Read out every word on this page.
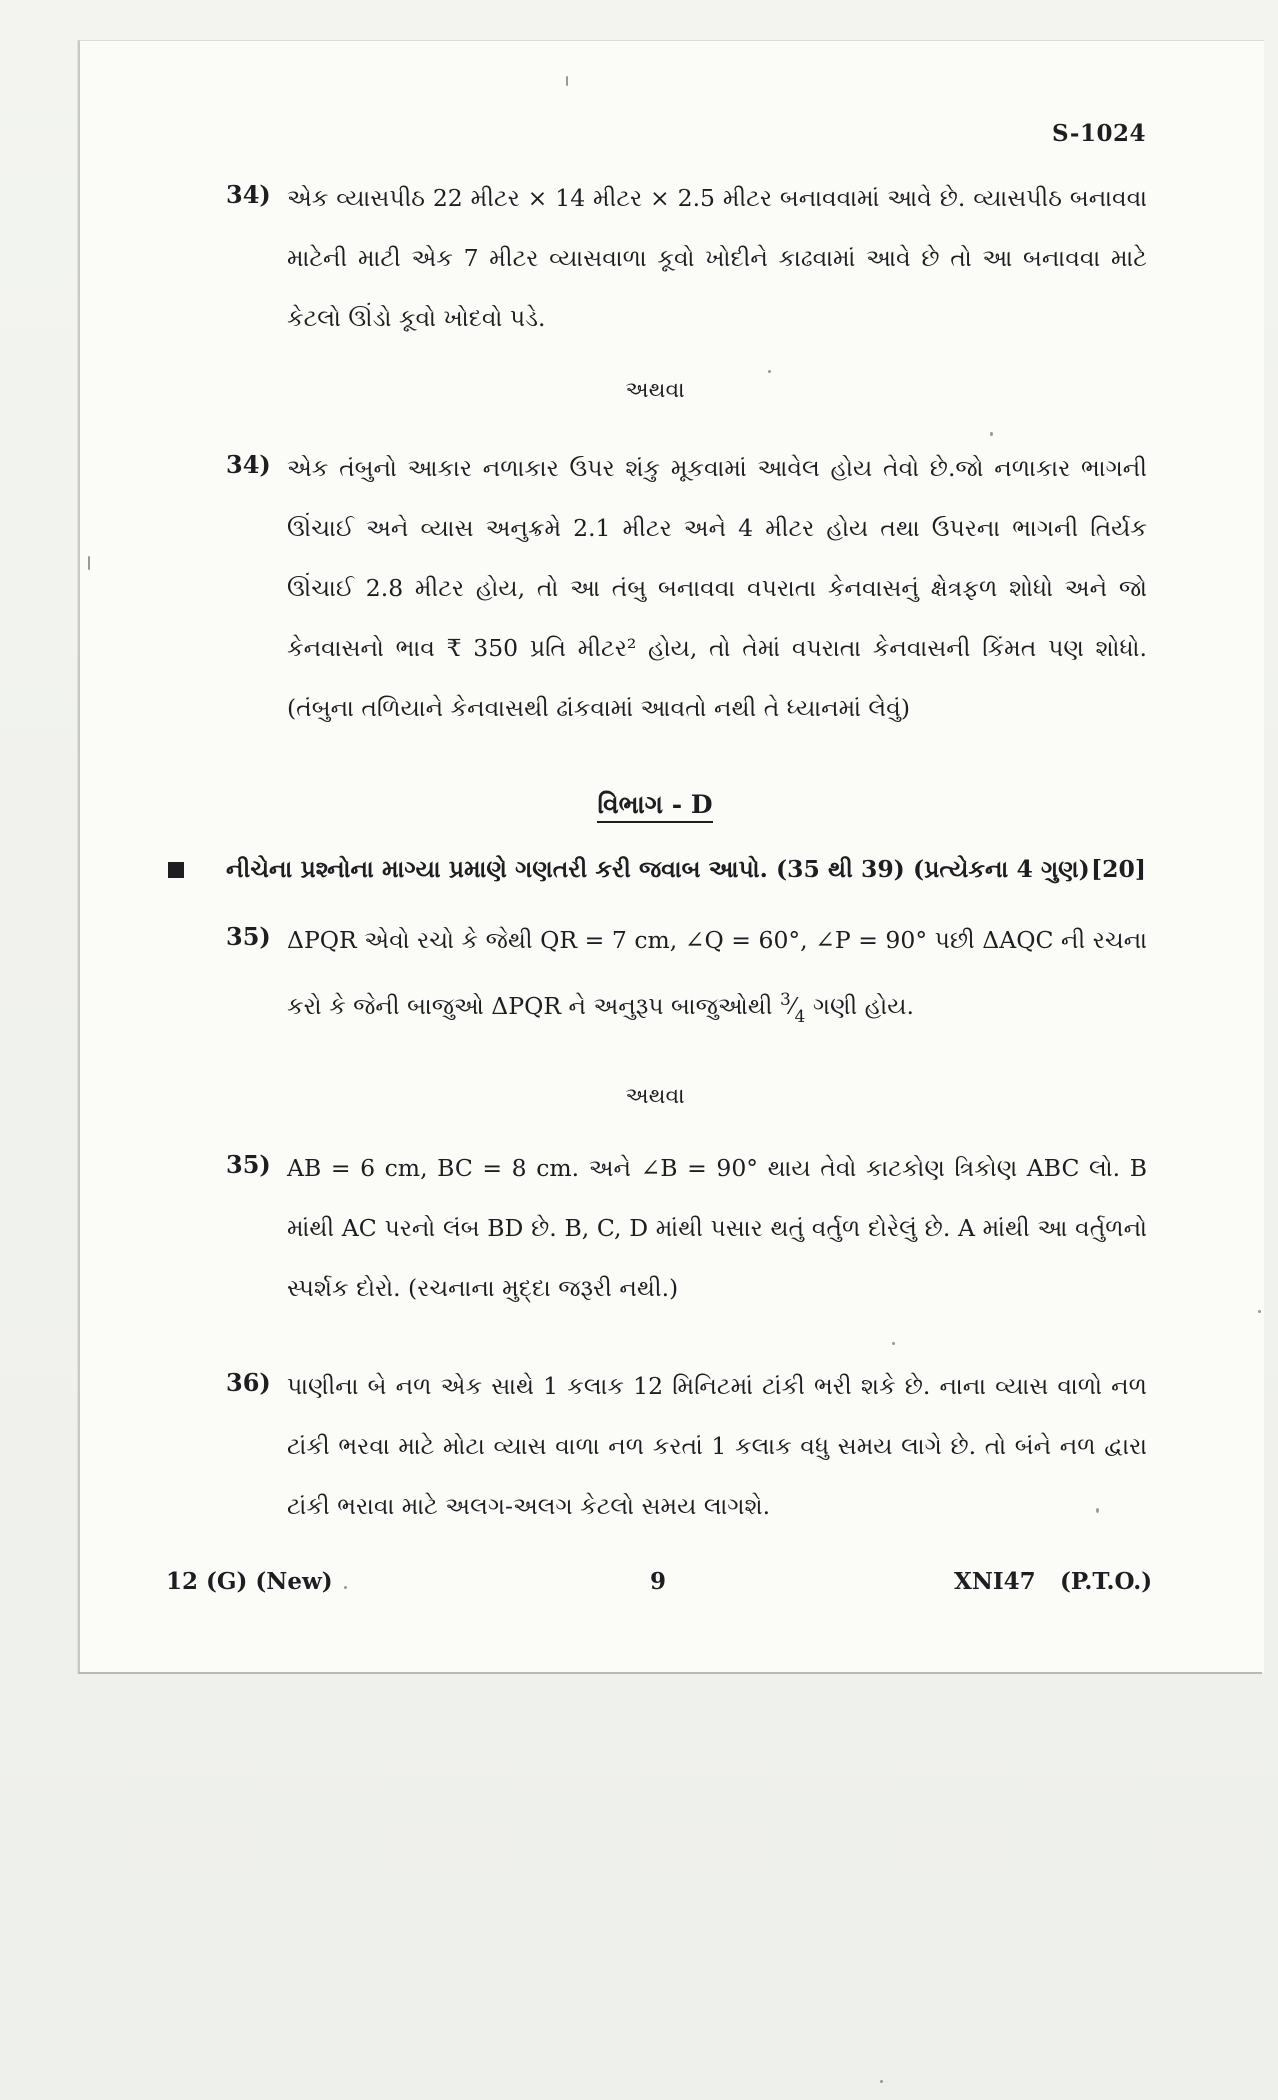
S-1024
34) એક વ્યાસપીઠ 22 મીટર × 14 મીટર × 2.5 મીટર બનાવવામાં આવે છે. વ્યાસપીઠ બનાવવા માટેની માટી એક 7 મીટર વ્યાસવાળા કૂવો ખોદીને કાઢવામાં આવે છે તો આ બનાવવા માટે કેટલો ઊંડો કૂવો ખોદવો પડે.
અથવા
34) એક તંબુનો આકાર નળાકાર ઉપર શંકુ મૂકવામાં આવેલ હોય તેવો છે.જો નળાકાર ભાગની ઊંચાઈ અને વ્યાસ અનુક્રમે 2.1 મીટર અને 4 મીટર હોય તથા ઉપરના ભાગની તિર્યક ઊંચાઈ 2.8 મીટર હોય, તો આ તંબુ બનાવવા વપરાતા કેનવાસનું ક્ષેત્રફળ શોધો અને જો કેનવાસનો ભાવ ₹ 350 પ્રતિ મીટર² હોય, તો તેમાં વપરાતા કેનવાસની કિંમત પણ શોધો.(તંબુના તળિયાને કેનવાસથી ઢાંકવામાં આવતો નથી તે ધ્યાનમાં લેવું)
વિભાગ - D
નીચેના પ્રશ્નોના માગ્યા પ્રમાણે ગણતરી કરી જવાબ આપો. (35 થી 39) (પ્રત્યેકના 4 ગુણ) [20]
35) ΔPQR એવો રચો કે જેથી QR = 7 cm, ∠Q = 60°, ∠P = 90° પછી ΔAQC ની રચના કરો કે જેની બાજુઓ ΔPQR ને અનુરૂપ બાજુઓથી $^3⁄_4$ ગણી હોય.
અથવા
35) AB = 6 cm, BC = 8 cm. અને ∠B = 90° થાય તેવો કાટકોણ ત્રિકોણ ABC લો. B માંથી AC પરનો લંબ BD છે. B, C, D માંથી પસાર થતું વર્તુળ દોરેલું છે. A માંથી આ વર્તુળનો સ્પર્શક દોરો. (રચનાના મુદ્દા જરૂરી નથી.)
36) પાણીના બે નળ એક સાથે 1 કલાક 12 મિનિટમાં ટાંકી ભરી શકે છે. નાના વ્યાસ વાળો નળ ટાંકી ભરવા માટે મોટા વ્યાસ વાળા નળ કરતાં 1 કલાક વધુ સમય લાગે છે. તો બંને નળ દ્વારા ટાંકી ભરાવા માટે અલગ-અલગ કેટલો સમય લાગશે.
12 (G) (New)	9	XNI47 (P.T.O.)
